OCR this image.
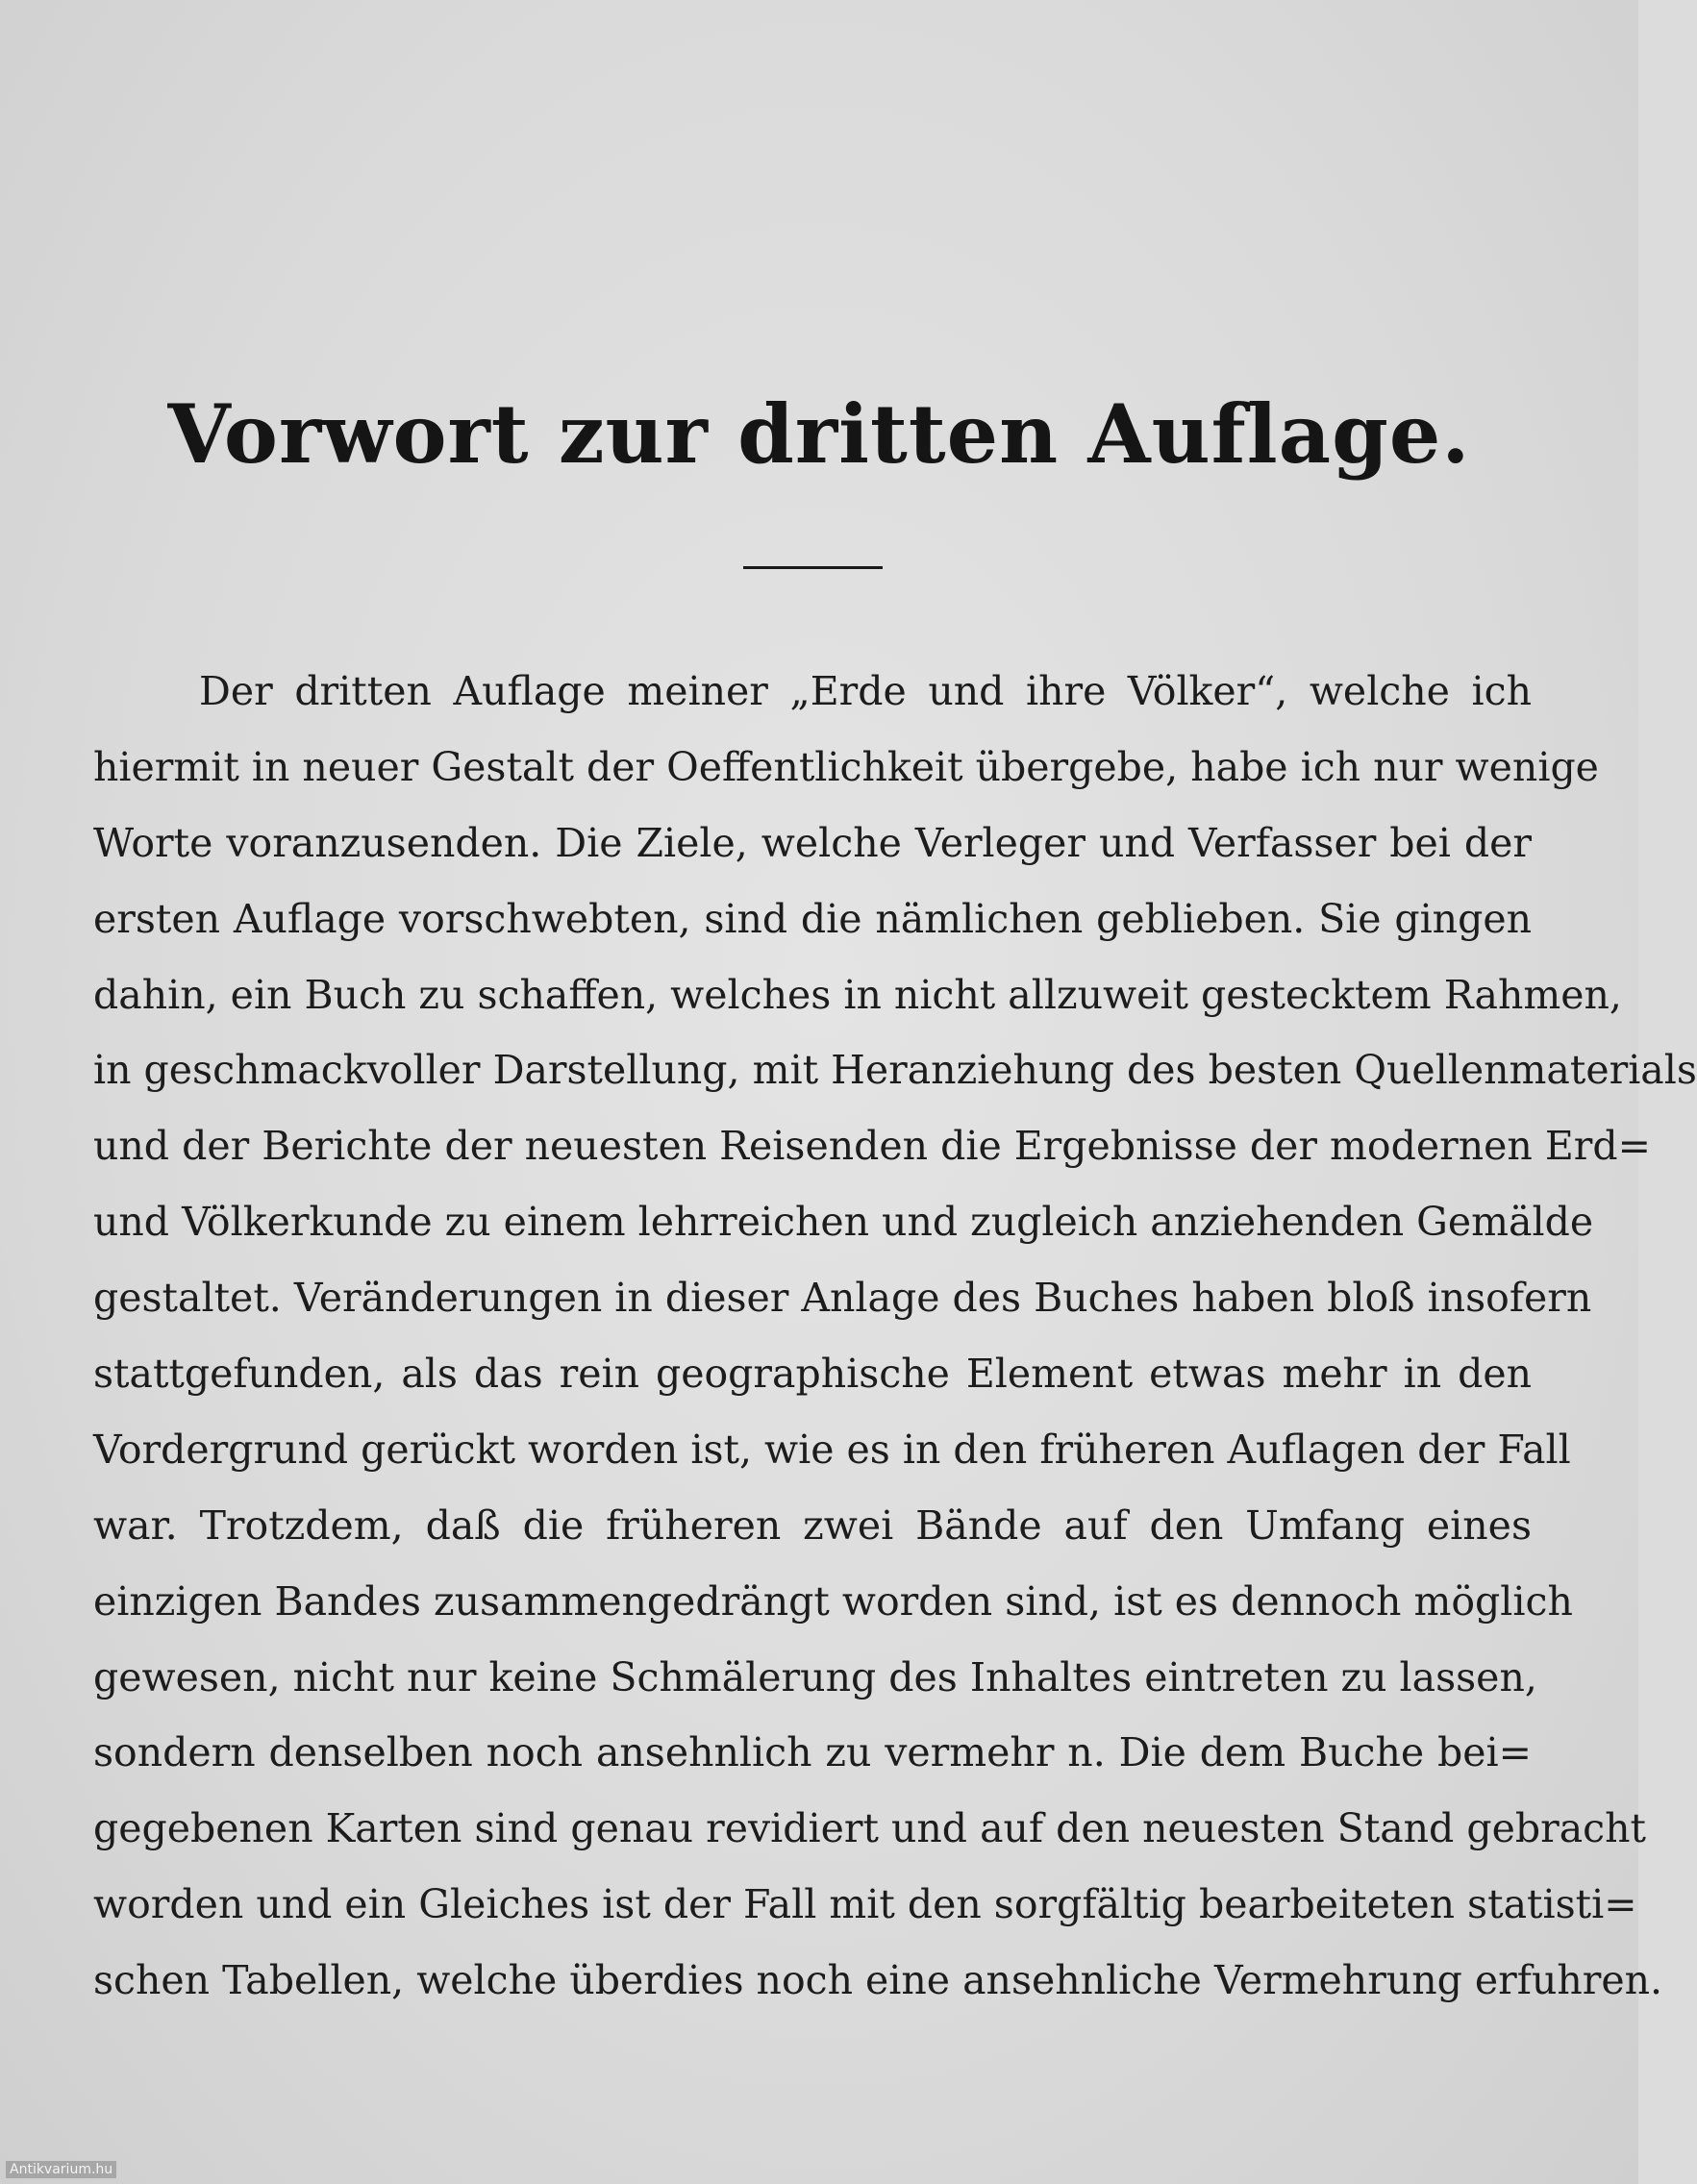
Vorwort zur dritten Auflage.
Der dritten Auflage meiner „Erde und ihre Völker“, welche ich
hiermit in neuer Gestalt der Oeffentlichkeit übergebe, habe ich nur wenige
Worte voranzusenden. Die Ziele, welche Verleger und Verfasser bei der
ersten Auflage vorschwebten, sind die nämlichen geblieben. Sie gingen
dahin, ein Buch zu schaffen, welches in nicht allzuweit gestecktem Rahmen,
in geschmackvoller Darstellung, mit Heranziehung des besten Quellenmaterials
und der Berichte der neuesten Reisenden die Ergebnisse der modernen Erd=
und Völkerkunde zu einem lehrreichen und zugleich anziehenden Gemälde
gestaltet. Veränderungen in dieser Anlage des Buches haben bloß insofern
stattgefunden, als das rein geographische Element etwas mehr in den
Vordergrund gerückt worden ist, wie es in den früheren Auflagen der Fall
war. Trotzdem, daß die früheren zwei Bände auf den Umfang eines
einzigen Bandes zusammengedrängt worden sind, ist es dennoch möglich
gewesen, nicht nur keine Schmälerung des Inhaltes eintreten zu lassen,
sondern denselben noch ansehnlich zu vermehr n. Die dem Buche bei=
gegebenen Karten sind genau revidiert und auf den neuesten Stand gebracht
worden und ein Gleiches ist der Fall mit den sorgfältig bearbeiteten statisti=
schen Tabellen, welche überdies noch eine ansehnliche Vermehrung erfuhren.
Antikvarium.hu
